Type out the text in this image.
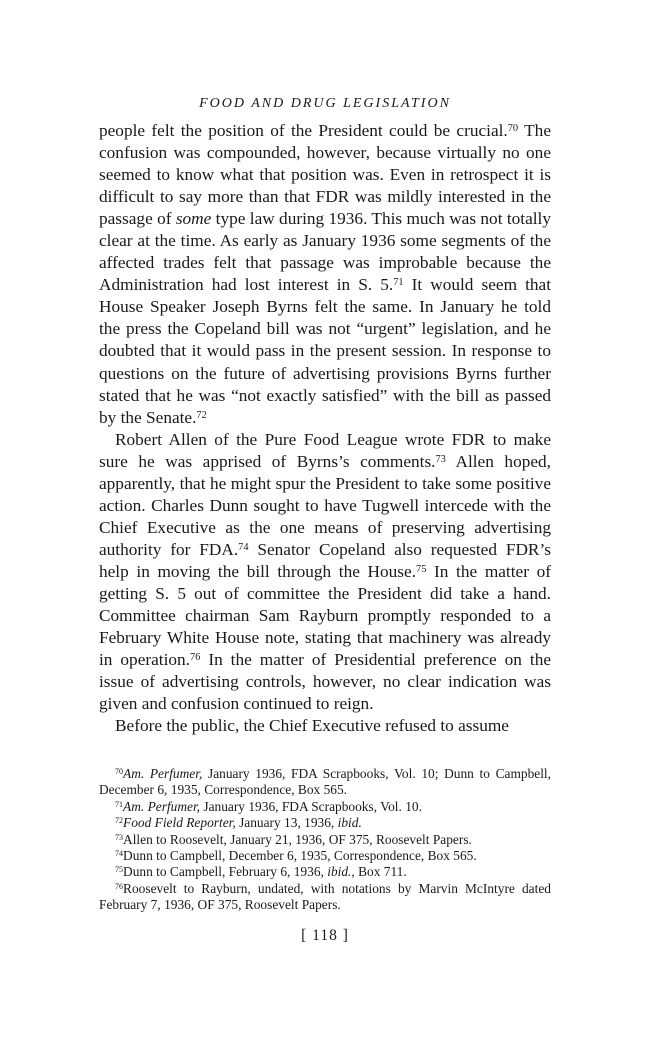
FOOD AND DRUG LEGISLATION

people felt the position of the President could be crucial.$^{70}$ The confusion was compounded, however, because virtually no one seemed to know what that position was. Even in retrospect it is difficult to say more than that FDR was mildly interested in the passage of some type law during 1936. This much was not totally clear at the time. As early as January 1936 some segments of the affected trades felt that passage was improbable because the Administration had lost interest in S. 5.71 It would seem that House Speaker Joseph Byrns felt the same. In January he told the press the Copeland bill was not “urgent” legislation, and he doubted that it would pass in the present session. In response to questions on the future of advertising provisions Byrns further stated that he was “not exactly satisfied” with the bill as passed by the Senate.$^{72}$

Robert Allen of the Pure Food League wrote FDR to make sure he was apprised of Byrns’s comments.$^{73}$ Allen hoped, apparently, that he might spur the President to take some positive action. Charles Dunn sought to have Tugwell intercede with the Chief Executive as the one means of preserving advertising authority for FDA.$^{74}$ Senator Copeland also requested FDR’s help in moving the bill through the House.$^{75}$ In the matter of getting S. 5 out of committee the President did take a hand. Committee chairman Sam Rayburn promptly responded to a February White House note, stating that machinery was already in operation.$^{76}$ In the matter of Presidential preference on the issue of advertising controls, however, no clear indication was given and confusion continued to reign.

Before the public, the Chief Executive refused to assume

$^{70}$Am. Perfumer, January 1936, FDA Scrapbooks, Vol. 10; Dunn to Campbell, December 6, 1935, Correspondence, Box 565.

$^{71}$Am. Perfumer, January 1936, FDA Scrapbooks, Vol. 10.

$^{72}$Food Field Reporter, January 13, 1936, ibid.

$^{73}$Allen to Roosevelt, January 21, 1936, OF 375, Roosevelt Papers.

$^{74}$Dunn to Campbell, December 6, 1935, Correspondence, Box 565.

$^{75}$Dunn to Campbell, February 6, 1936, ibid., Box 711.

$^{76}$Roosevelt to Rayburn, undated, with notations by Marvin McIntyre dated February 7, 1936, OF 375, Roosevelt Papers.

[ 118 ]
